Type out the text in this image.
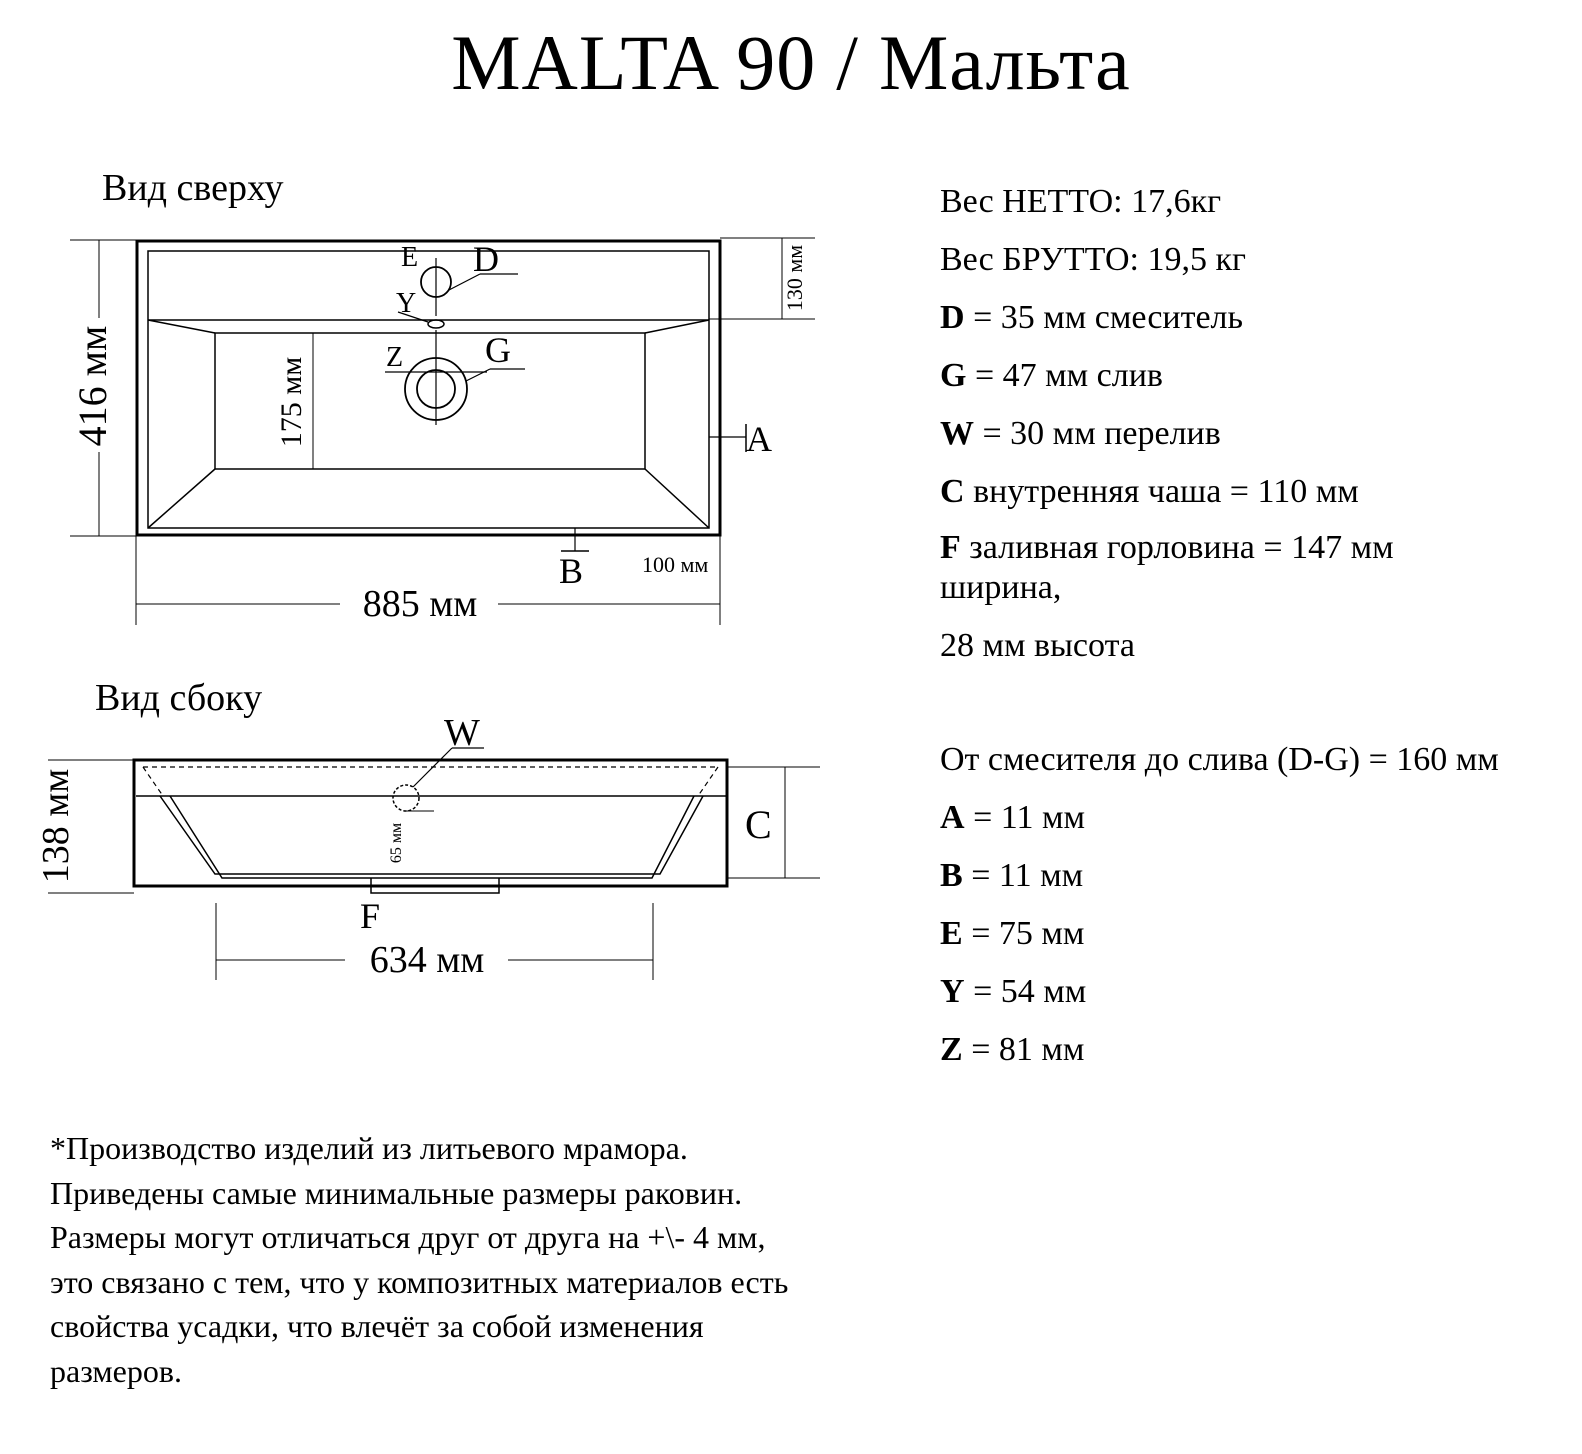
MALTA 90 / Мальта
Вид сверху
E D
Y
Z G
A
B
416 мм	175 мм
130 мм
100 мм
885 мм
Вид сбоку
W
C
F
138 мм	65 мм
634 мм
Вес НЕТТО: 17,6кг
Вес БРУТТО: 19,5 кг
D = 35 мм смеситель
G = 47 мм слив
W = 30 мм перелив
C внутренняя чаша = 110 мм
F заливная горловина = 147 мм
ширина,
28 мм высота
От смесителя до слива (D-G) = 160 мм
A = 11 мм
B = 11 мм
E = 75 мм
Y = 54 мм
Z = 81 мм
*Производство изделий из литьевого мрамора.
Приведены самые минимальные размеры раковин.
Размеры могут отличаться друг от друга на +\- 4 мм,
это связано с тем, что у композитных материалов есть
свойства усадки, что влечёт за собой изменения
размеров.
